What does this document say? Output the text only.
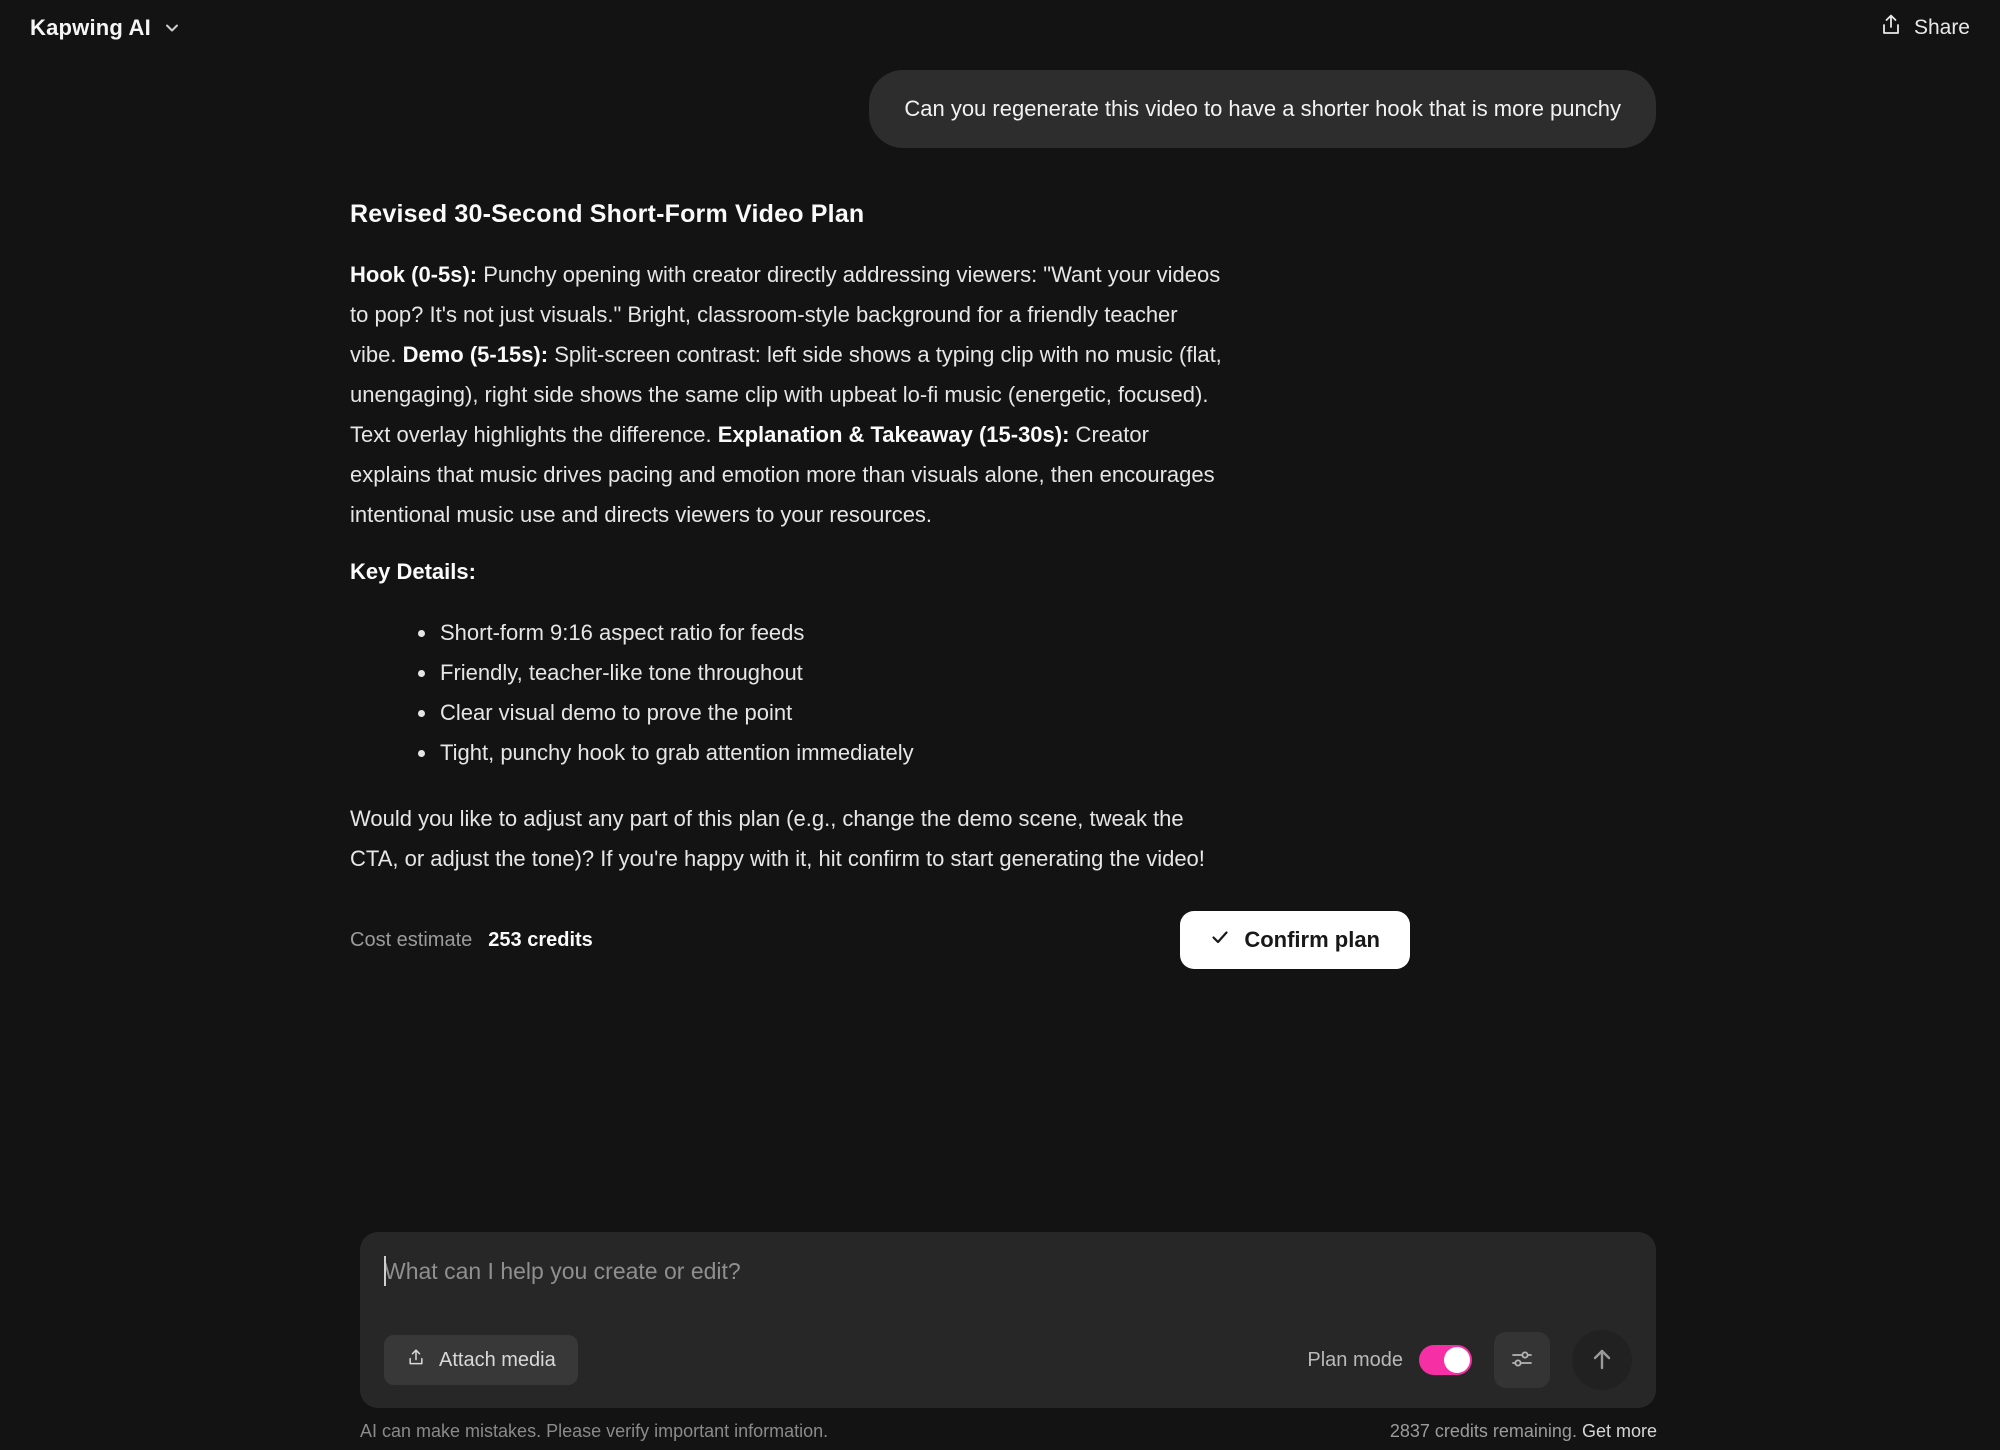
Kapwing AI	Share
Can you regenerate this video to have a shorter hook that is more punchy
Revised 30-Second Short-Form Video Plan

Hook (0-5s): Punchy opening with creator directly addressing viewers: "Want your videos to pop? It's not just visuals." Bright, classroom-style background for a friendly teacher vibe. Demo (5-15s): Split-screen contrast: left side shows a typing clip with no music (flat, unengaging), right side shows the same clip with upbeat lo-fi music (energetic, focused). Text overlay highlights the difference. Explanation & Takeaway (15-30s): Creator explains that music drives pacing and emotion more than visuals alone, then encourages intentional music use and directs viewers to your resources.

Key Details:
• Short-form 9:16 aspect ratio for feeds
• Friendly, teacher-like tone throughout
• Clear visual demo to prove the point
• Tight, punchy hook to grab attention immediately

Would you like to adjust any part of this plan (e.g., change the demo scene, tweak the CTA, or adjust the tone)? If you're happy with it, hit confirm to start generating the video!

Cost estimate 253 credits	Confirm plan
What can I help you create or edit?
Attach media	Plan mode
AI can make mistakes. Please verify important information.	2837 credits remaining. Get more
